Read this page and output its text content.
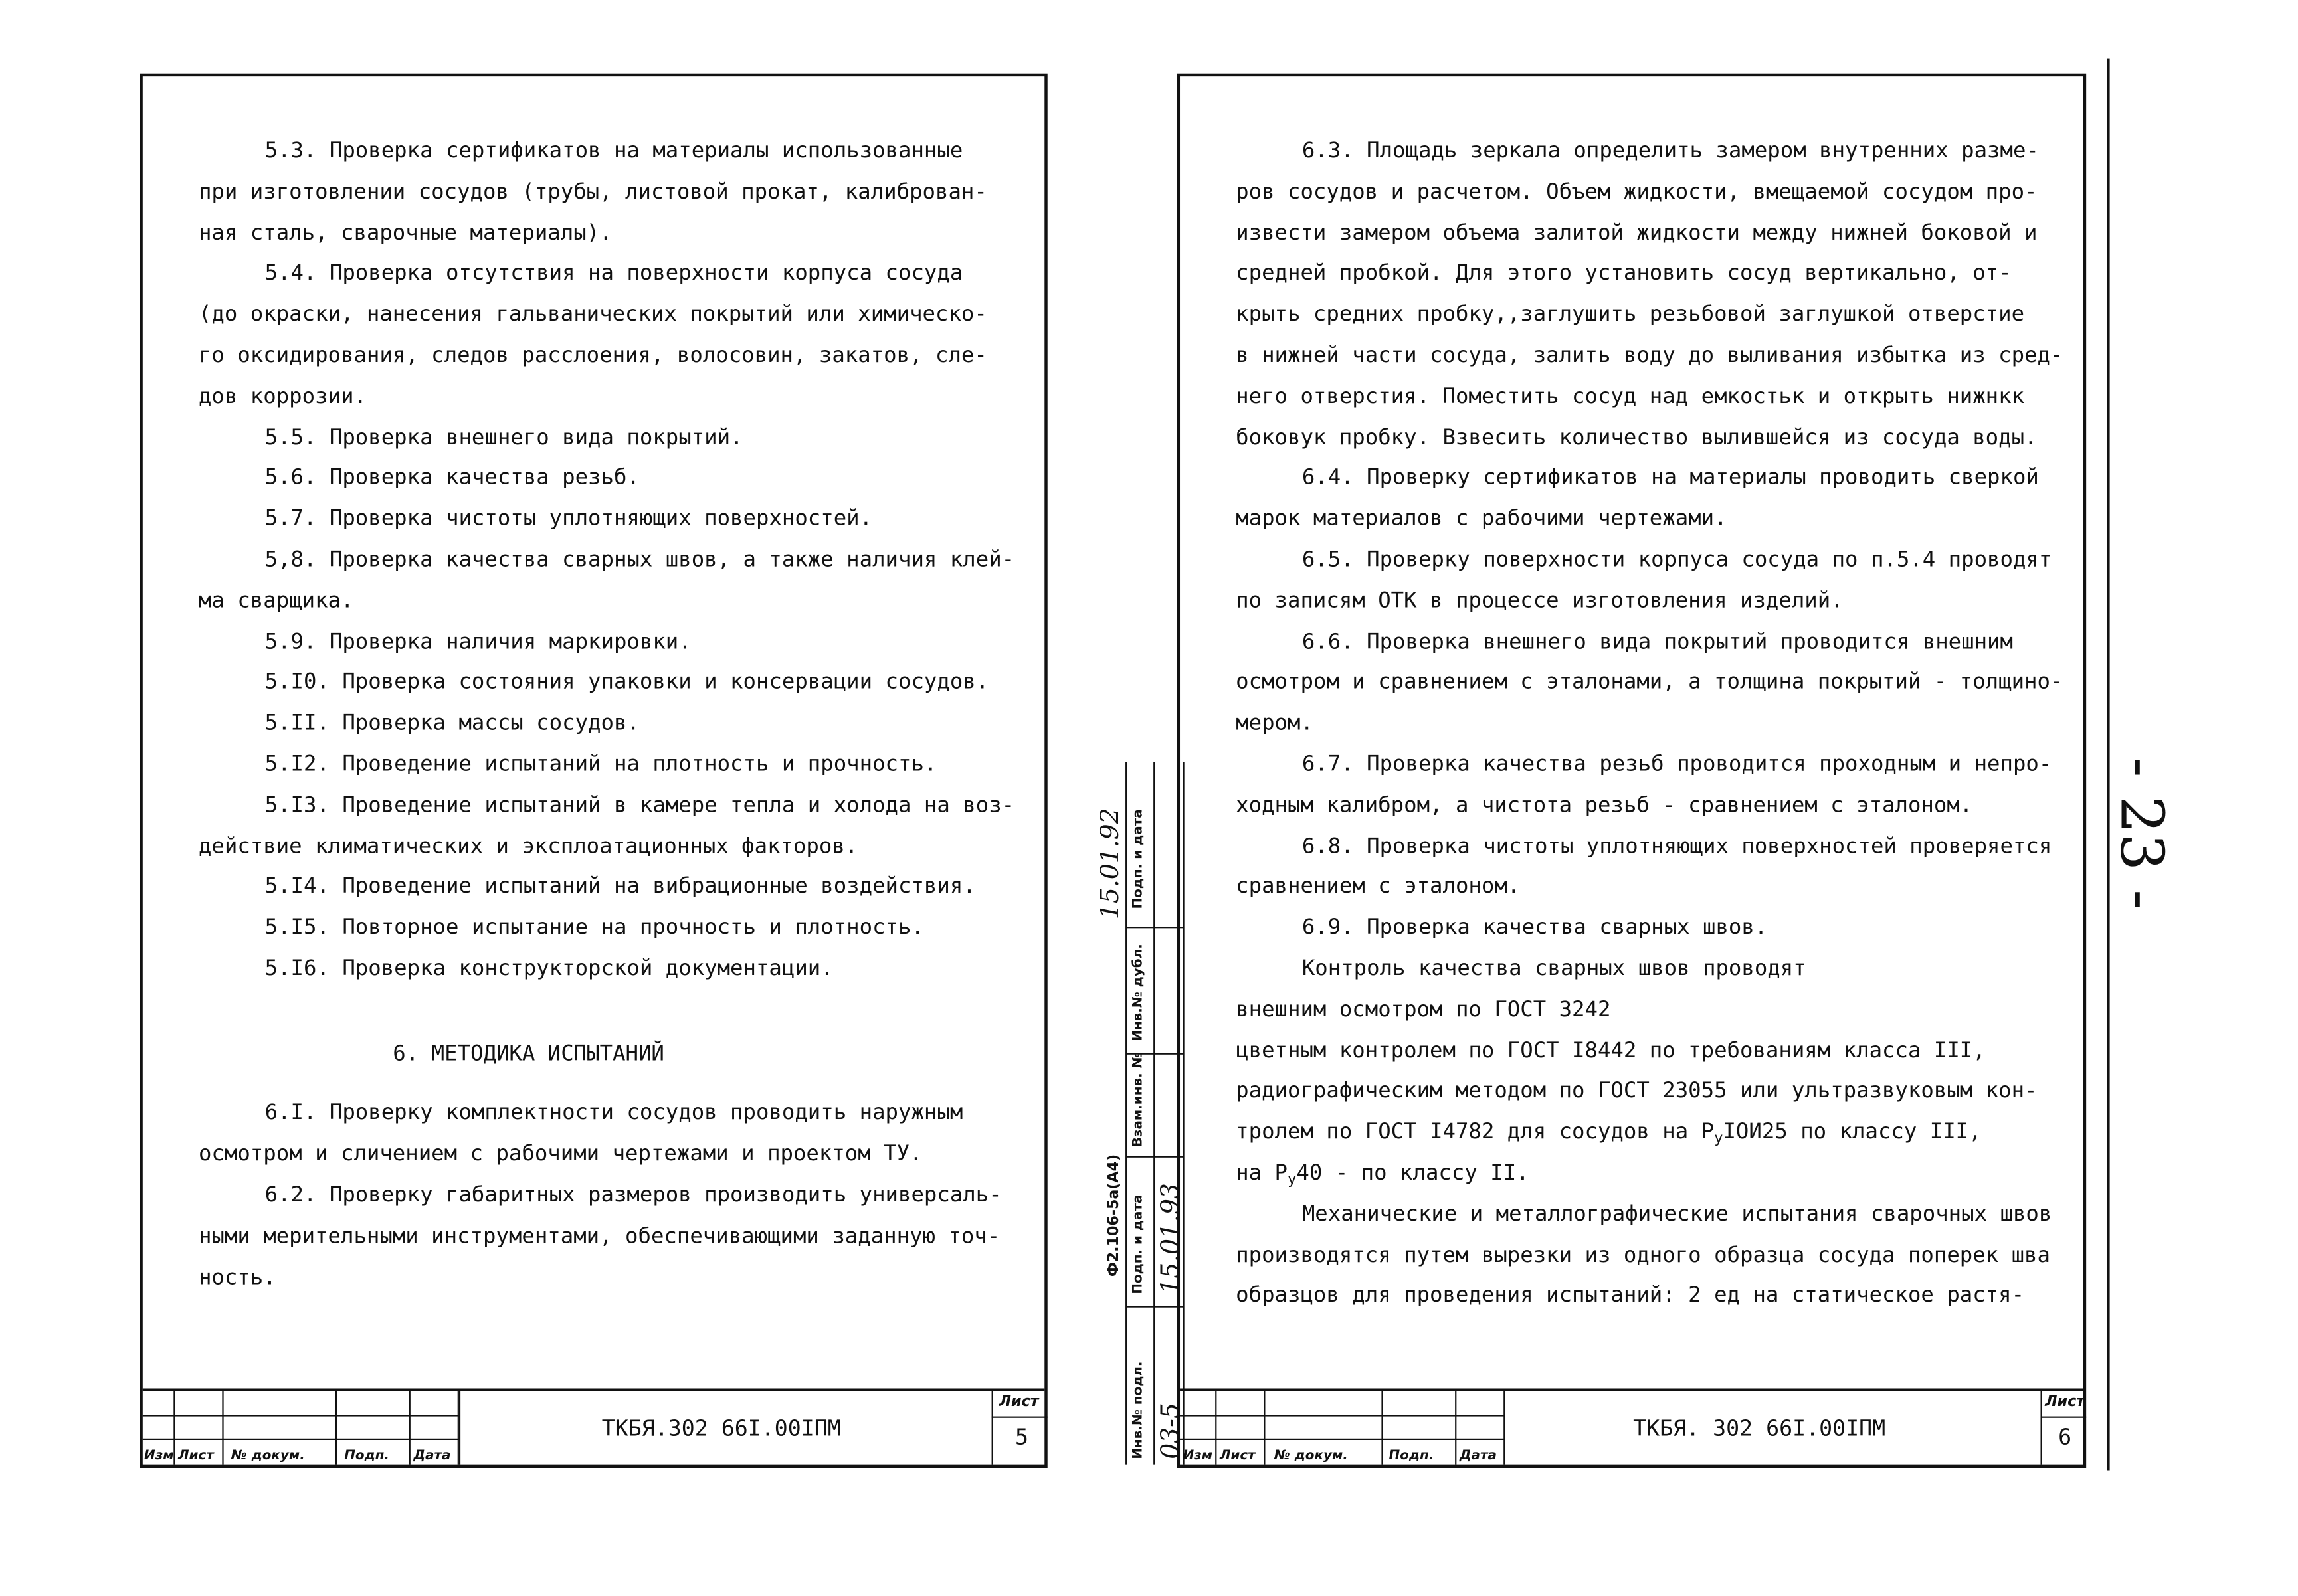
5.3. Проверка сертификатов на материалы использованные
при изготовлении сосудов (трубы, листовой прокат, калиброван-
ная сталь, сварочные материалы).
5.4. Проверка отсутствия на поверхности корпуса сосуда
(до окраски, нанесения гальванических покрытий или химическо-
го оксидирования, следов расслоения, волосовин, закатов, сле-
дов коррозии.
5.5. Проверка внешнего вида покрытий.
5.6. Проверка качества резьб.
5.7. Проверка чистоты уплотняющих поверхностей.
5,8. Проверка качества сварных швов, а также наличия клей-
ма сварщика.
5.9. Проверка наличия маркировки.
5.I0. Проверка состояния упаковки и консервации сосудов.
5.II. Проверка массы сосудов.
5.I2. Проведение испытаний на плотность и прочность.
5.I3. Проведение испытаний в камере тепла и холода на воз-
действие климатических и эксплоатационных факторов.
5.I4. Проведение испытаний на вибрационные воздействия.
5.I5. Повторное испытание на прочность и плотность.
5.I6. Проверка конструкторской документации.
6. МЕТОДИКА ИСПЫТАНИЙ
6.I. Проверку комплектности сосудов проводить наружным
осмотром и сличением с рабочими чертежами и проектом ТУ.
6.2. Проверку габаритных размеров производить универсаль-
ными мерительными инструментами, обеспечивающими заданную точ-
ность.
Изм Лист	№ докум.	Подп.	Дата
ТКБЯ.302 66I.00IПМ
Лист
5
Подп. и дата
Инв.№ дубл.
Взам.инв. №
Подп. и дата
Инв.№ подл.
15.01.93
03-5
Ф2.106-5а(А4)
15.01.92
6.3. Площадь зеркала определить замером внутренних разме-
ров сосудов и расчетом. Объем жидкости, вмещаемой сосудом про-
извести замером объема залитой жидкости между нижней боковой и
средней пробкой. Для этого установить сосуд вертикально, от-
крыть средних пробку,,заглушить резьбовой заглушкой отверстие
в нижней части сосуда, залить воду до выливания избытка из сред-
него отверстия. Поместить сосуд над емкостьк и открыть нижнкк
боковук пробку. Взвесить количество вылившейся из сосуда воды.
6.4. Проверку сертификатов на материалы проводить сверкой
марок материалов с рабочими чертежами.
6.5. Проверку поверхности корпуса сосуда по п.5.4 проводят
по записям ОТК в процессе изготовления изделий.
6.6. Проверка внешнего вида покрытий проводится внешним
осмотром и сравнением с эталонами, а толщина покрытий - толщино-
мером.
6.7. Проверка качества резьб проводится проходным и непро-
ходным калибром, а чистота резьб - сравнением с эталоном.
6.8. Проверка чистоты уплотняющих поверхностей проверяется
сравнением с эталоном.
6.9. Проверка качества сварных швов.
Контроль качества сварных швов проводят
внешним осмотром по ГОСТ 3242
цветным контролем по ГОСТ I8442 по требованиям класса III,
радиографическим методом по ГОСТ 23055 или ультразвуковым кон-
тролем по ГОСТ I4782 для сосудов на $Р_уIOИ25$ по классу III,
на $Р_у40$ - по классу II.
Механические и металлографические испытания сварочных швов
производятся путем вырезки из одного образца сосуда поперек шва
образцов для проведения испытаний: 2 ед на статическое растя-
Изм Лист	№ докум.	Подп.	Дата
ТКБЯ. 302 66I.00IПМ
Лист
6
- 23 -
